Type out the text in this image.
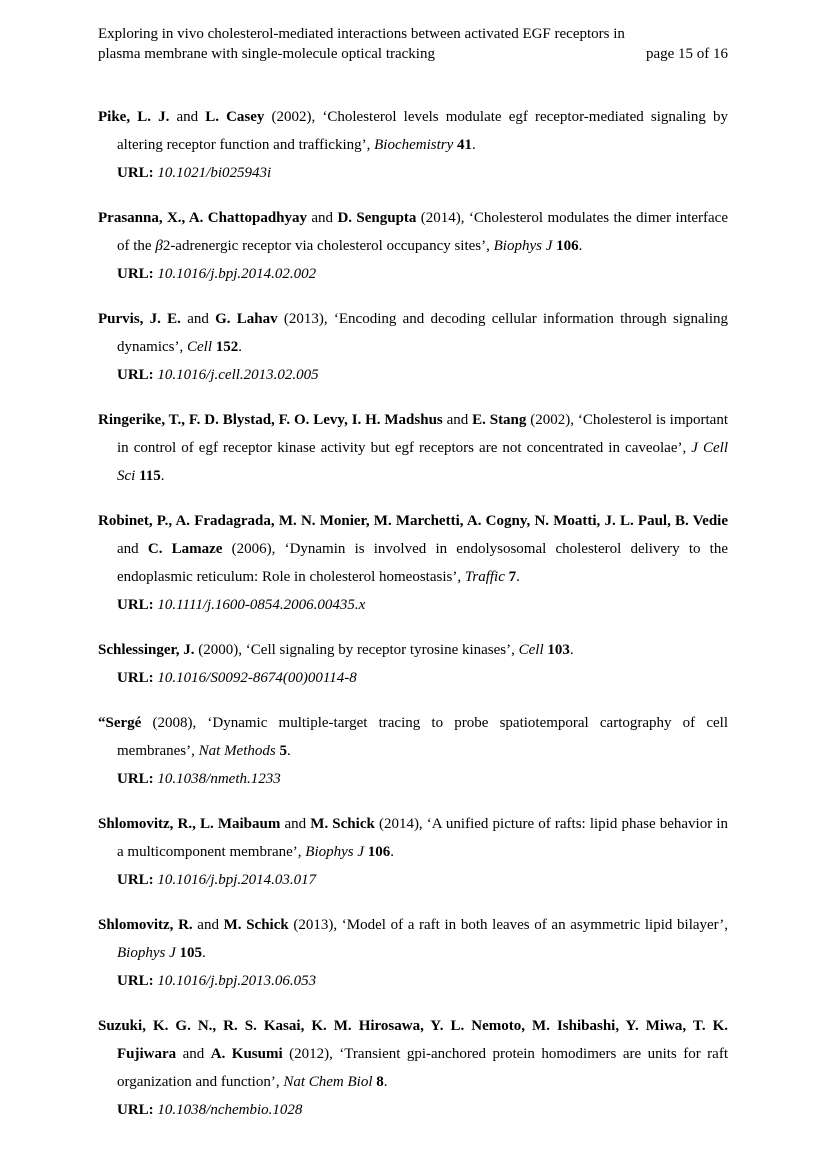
Exploring in vivo cholesterol-mediated interactions between activated EGF receptors in
plasma membrane with single-molecule optical tracking	page 15 of 16
Pike, L. J. and L. Casey (2002), ‘Cholesterol levels modulate egf receptor-mediated signaling by altering receptor function and trafficking’, Biochemistry 41.
URL: 10.1021/bi025943i
Prasanna, X., A. Chattopadhyay and D. Sengupta (2014), ‘Cholesterol modulates the dimer interface of the β2-adrenergic receptor via cholesterol occupancy sites’, Biophys J 106.
URL: 10.1016/j.bpj.2014.02.002
Purvis, J. E. and G. Lahav (2013), ‘Encoding and decoding cellular information through signaling dynamics’, Cell 152.
URL: 10.1016/j.cell.2013.02.005
Ringerike, T., F. D. Blystad, F. O. Levy, I. H. Madshus and E. Stang (2002), ‘Cholesterol is important in control of egf receptor kinase activity but egf receptors are not concentrated in caveolae’, J Cell Sci 115.
Robinet, P., A. Fradagrada, M. N. Monier, M. Marchetti, A. Cogny, N. Moatti, J. L. Paul, B. Vedie and C. Lamaze (2006), ‘Dynamin is involved in endolysosomal cholesterol delivery to the endoplasmic reticulum: Role in cholesterol homeostasis’, Traffic 7.
URL: 10.1111/j.1600-0854.2006.00435.x
Schlessinger, J. (2000), ‘Cell signaling by receptor tyrosine kinases’, Cell 103.
URL: 10.1016/S0092-8674(00)00114-8
“Sergé (2008), ‘Dynamic multiple-target tracing to probe spatiotemporal cartography of cell membranes’, Nat Methods 5.
URL: 10.1038/nmeth.1233
Shlomovitz, R., L. Maibaum and M. Schick (2014), ‘A unified picture of rafts: lipid phase behavior in a multicomponent membrane’, Biophys J 106.
URL: 10.1016/j.bpj.2014.03.017
Shlomovitz, R. and M. Schick (2013), ‘Model of a raft in both leaves of an asymmetric lipid bilayer’, Biophys J 105.
URL: 10.1016/j.bpj.2013.06.053
Suzuki, K. G. N., R. S. Kasai, K. M. Hirosawa, Y. L. Nemoto, M. Ishibashi, Y. Miwa, T. K. Fujiwara and A. Kusumi (2012), ‘Transient gpi-anchored protein homodimers are units for raft organization and function’, Nat Chem Biol 8.
URL: 10.1038/nchembio.1028
